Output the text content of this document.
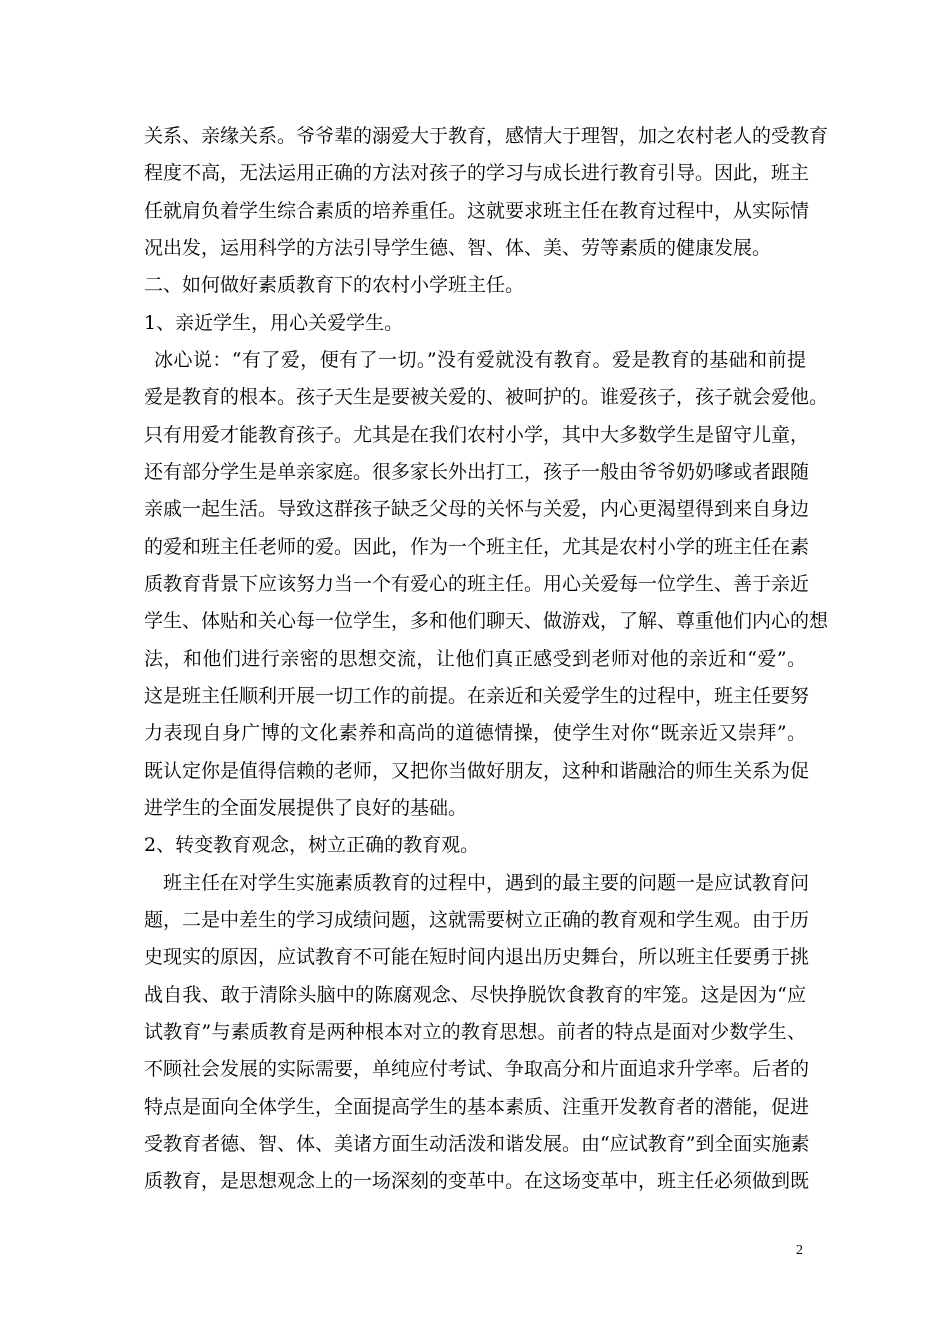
关系、亲缘关系。爷爷辈的溺爱大于教育，感情大于理智，加之农村老人的受教育
程度不高，无法运用正确的方法对孩子的学习与成长进行教育引导。因此，班主
任就肩负着学生综合素质的培养重任。这就要求班主任在教育过程中，从实际情
况出发，运用科学的方法引导学生德、智、体、美、劳等素质的健康发展。
二、如何做好素质教育下的农村小学班主任。
1、亲近学生，用心关爱学生。
冰心说：“有了爱，便有了一切。”没有爱就没有教育。爱是教育的基础和前提
爱是教育的根本。孩子天生是要被关爱的、被呵护的。谁爱孩子，孩子就会爱他。
只有用爱才能教育孩子。尤其是在我们农村小学，其中大多数学生是留守儿童，
还有部分学生是单亲家庭。很多家长外出打工，孩子一般由爷爷奶奶嗲或者跟随
亲戚一起生活。导致这群孩子缺乏父母的关怀与关爱，内心更渴望得到来自身边
的爱和班主任老师的爱。因此，作为一个班主任，尤其是农村小学的班主任在素
质教育背景下应该努力当一个有爱心的班主任。用心关爱每一位学生、善于亲近
学生、体贴和关心每一位学生，多和他们聊天、做游戏，了解、尊重他们内心的想
法，和他们进行亲密的思想交流，让他们真正感受到老师对他的亲近和“爱”。
这是班主任顺利开展一切工作的前提。在亲近和关爱学生的过程中，班主任要努
力表现自身广博的文化素养和高尚的道德情操，使学生对你“既亲近又崇拜”。
既认定你是值得信赖的老师，又把你当做好朋友，这种和谐融洽的师生关系为促
进学生的全面发展提供了良好的基础。
2、转变教育观念，树立正确的教育观。
班主任在对学生实施素质教育的过程中，遇到的最主要的问题一是应试教育问
题，二是中差生的学习成绩问题，这就需要树立正确的教育观和学生观。由于历
史现实的原因，应试教育不可能在短时间内退出历史舞台，所以班主任要勇于挑
战自我、敢于清除头脑中的陈腐观念、尽快挣脱饮食教育的牢笼。这是因为“应
试教育”与素质教育是两种根本对立的教育思想。前者的特点是面对少数学生、
不顾社会发展的实际需要，单纯应付考试、争取高分和片面追求升学率。后者的
特点是面向全体学生，全面提高学生的基本素质、注重开发教育者的潜能，促进
受教育者德、智、体、美诸方面生动活泼和谐发展。由“应试教育”到全面实施素
质教育，是思想观念上的一场深刻的变革中。在这场变革中，班主任必须做到既
2
